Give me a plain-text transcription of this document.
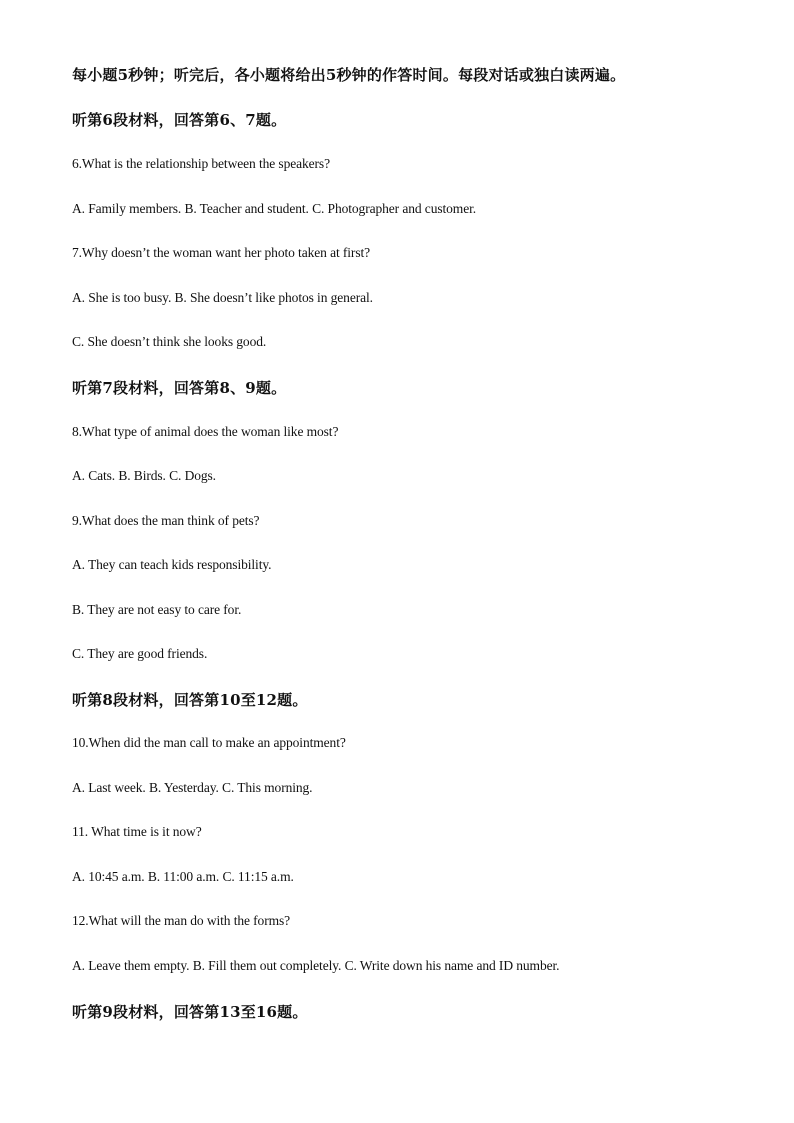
每小题5秒钟；听完后，各小题将给出5秒钟的作答时间。每段对话或独白读两遍。
听第6段材料，回答第6、7题。
6.What is the relationship between the speakers?
A. Family members. B. Teacher and student. C. Photographer and customer.
7.Why doesn’t the woman want her photo taken at first?
A. She is too busy. B. She doesn’t like photos in general.
C. She doesn’t think she looks good.
听第7段材料，回答第8、9题。
8.What type of animal does the woman like most?
A. Cats. B. Birds. C. Dogs.
9.What does the man think of pets?
A. They can teach kids responsibility.
B. They are not easy to care for.
C. They are good friends.
听第8段材料，回答第10至12题。
10.When did the man call to make an appointment?
A. Last week. B. Yesterday. C. This morning.
11. What time is it now?
A. 10:45 a.m. B. 11:00 a.m. C. 11:15 a.m.
12.What will the man do with the forms?
A. Leave them empty. B. Fill them out completely. C. Write down his name and ID number.
听第9段材料，回答第13至16题。
